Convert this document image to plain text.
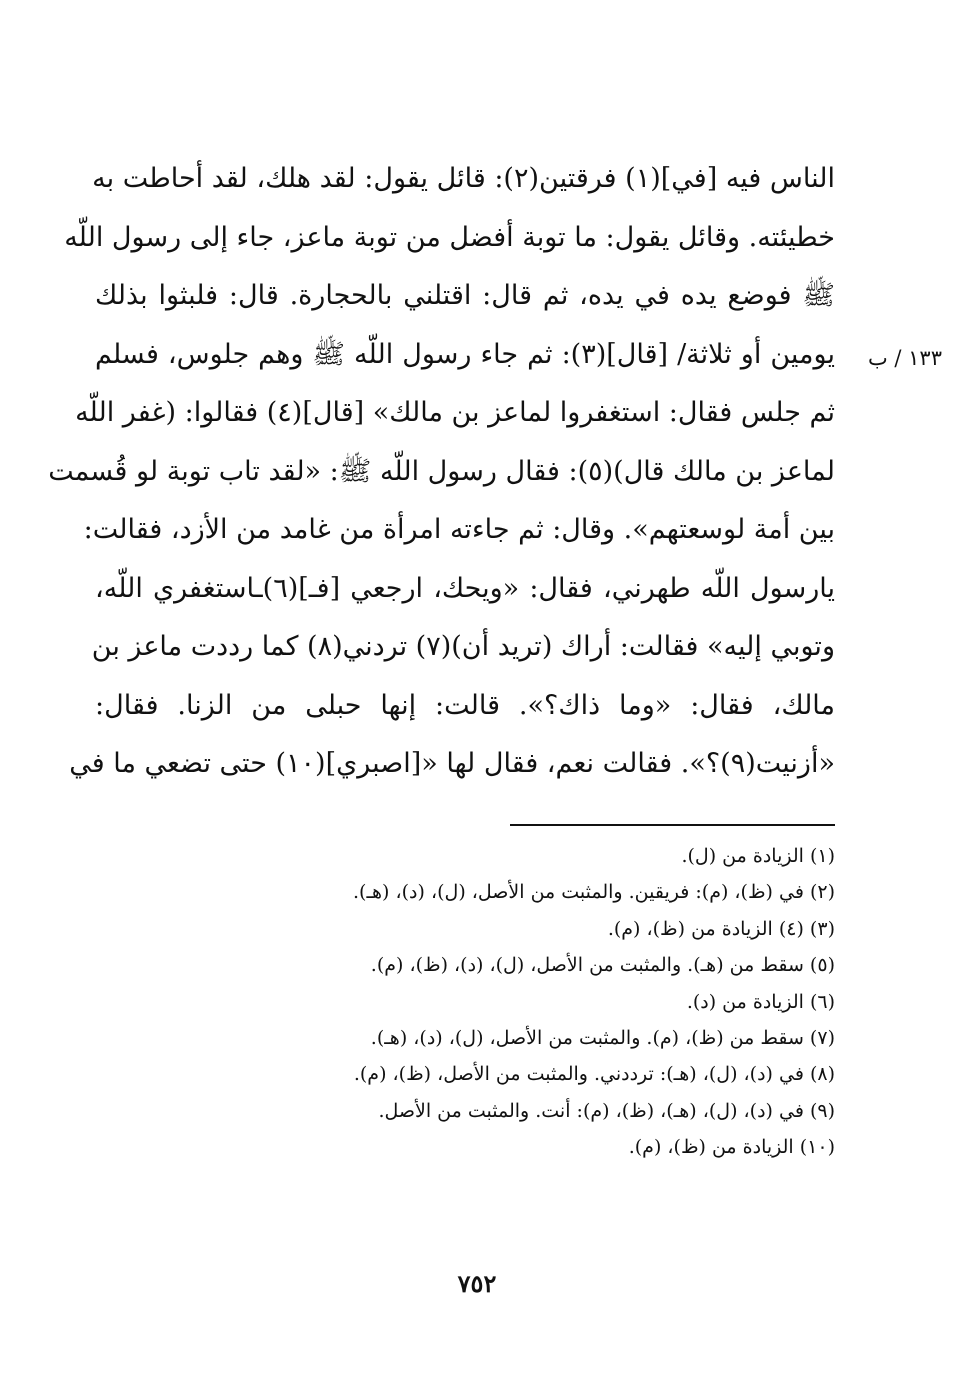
١٣٣ / ب
الناس فيه [في](١) فرقتين(٢): قائل يقول: لقد هلك، لقد أحاطت به
خطيئته. وقائل يقول: ما توبة أفضل من توبة ماعز، جاء إلى رسول اللّه
ﷺ فوضع يده في يده، ثم قال: اقتلني بالحجارة. قال: فلبثوا بذلك
يومين أو ثلاثة/ [قال](٣): ثم جاء رسول اللّه ﷺ وهم جلوس، فسلم
ثم جلس فقال: استغفروا لماعز بن مالك» [قال](٤) فقالوا: (غفر اللّه
لماعز بن مالك قال)(٥): فقال رسول اللّه ﷺ: «لقد تاب توبة لو قُسمت
بين أمة لوسعتهم». وقال: ثم جاءته امرأة من غامد من الأزد، فقالت:
يارسول اللّه طهرني، فقال: «ويحك، ارجعي [فـ](٦)ـاستغفري اللّه،
وتوبي إليه» فقالت: أراك (تريد أن)(٧) تردني(٨) كما رددت ماعز بن
مالك، فقال: «وما ذاك؟». قالت: إنها حبلى من الزنا. فقال:
«أزنيت(٩)؟». فقالت نعم، فقال لها «[اصبري](١٠) حتى تضعي ما في
(١) الزيادة من (ل).
(٢) في (ظ)، (م): فريقين. والمثبت من الأصل، (ل)، (د)، (هـ).
(٣) (٤) الزيادة من (ظ)، (م).
(٥) سقط من (هـ). والمثبت من الأصل، (ل)، (د)، (ظ)، (م).
(٦) الزيادة من (د).
(٧) سقط من (ظ)، (م). والمثبت من الأصل، (ل)، (د)، (هـ).
(٨) في (د)، (ل)، (هـ): ترددني. والمثبت من الأصل، (ظ)، (م).
(٩) في (د)، (ل)، (هـ)، (ظ)، (م): أنت. والمثبت من الأصل.
(١٠) الزيادة من (ظ)، (م).
٧٥٢
